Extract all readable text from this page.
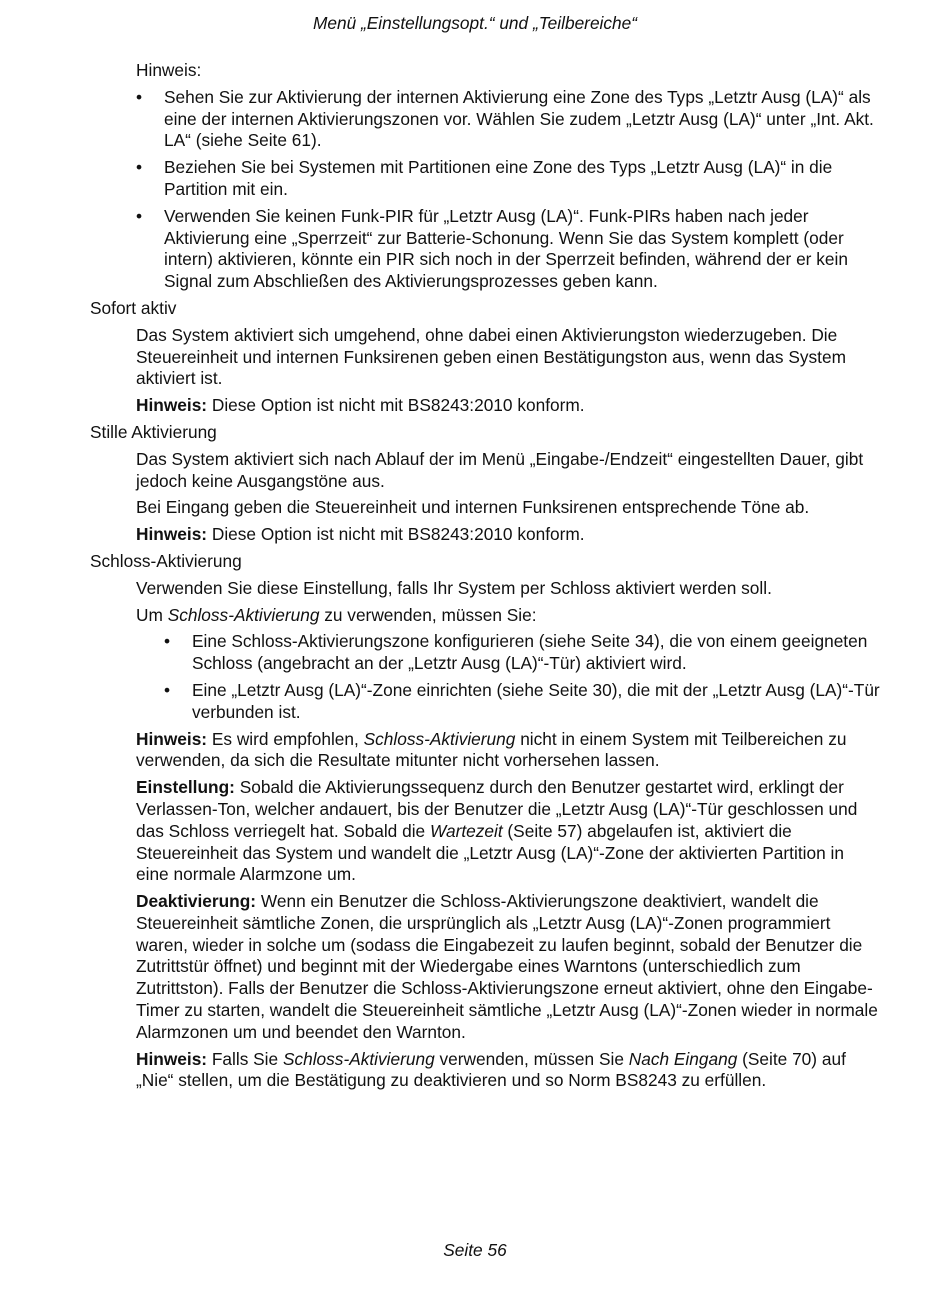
Menü „Einstellungsopt.“ und „Teilbereiche“

Hinweis:

• Sehen Sie zur Aktivierung der internen Aktivierung eine Zone des Typs „Letztr Ausg (LA)“ als eine der internen Aktivierungszonen vor. Wählen Sie zudem „Letztr Ausg (LA)“ unter „Int. Akt. LA“ (siehe Seite 61).
• Beziehen Sie bei Systemen mit Partitionen eine Zone des Typs „Letztr Ausg (LA)“ in die Partition mit ein.
• Verwenden Sie keinen Funk-PIR für „Letztr Ausg (LA)“. Funk-PIRs haben nach jeder Aktivierung eine „Sperrzeit“ zur Batterie-Schonung. Wenn Sie das System komplett (oder intern) aktivieren, könnte ein PIR sich noch in der Sperrzeit befinden, während der er kein Signal zum Abschließen des Aktivierungsprozesses geben kann.
Sofort aktiv

Das System aktiviert sich umgehend, ohne dabei einen Aktivierungston wiederzugeben. Die Steuereinheit und internen Funksirenen geben einen Bestätigungston aus, wenn das System aktiviert ist.

Hinweis: Diese Option ist nicht mit BS8243:2010 konform.

Stille Aktivierung

Das System aktiviert sich nach Ablauf der im Menü „Eingabe-/Endzeit“ eingestellten Dauer, gibt jedoch keine Ausgangstöne aus.

Bei Eingang geben die Steuereinheit und internen Funksirenen entsprechende Töne ab.

Hinweis: Diese Option ist nicht mit BS8243:2010 konform.

Schloss-Aktivierung

Verwenden Sie diese Einstellung, falls Ihr System per Schloss aktiviert werden soll.

Um Schloss-Aktivierung zu verwenden, müssen Sie:

• Eine Schloss-Aktivierungszone konfigurieren (siehe Seite 34), die von einem geeigneten Schloss (angebracht an der „Letztr Ausg (LA)“-Tür) aktiviert wird.
• Eine „Letztr Ausg (LA)“-Zone einrichten (siehe Seite 30), die mit der „Letztr Ausg (LA)“-Tür verbunden ist.

Hinweis: Es wird empfohlen, Schloss-Aktivierung nicht in einem System mit Teilbereichen zu verwenden, da sich die Resultate mitunter nicht vorhersehen lassen.

Einstellung: Sobald die Aktivierungssequenz durch den Benutzer gestartet wird, erklingt der Verlassen-Ton, welcher andauert, bis der Benutzer die „Letztr Ausg (LA)“-Tür geschlossen und das Schloss verriegelt hat. Sobald die Wartezeit (Seite 57) abgelaufen ist, aktiviert die Steuereinheit das System und wandelt die „Letztr Ausg (LA)“-Zone der aktivierten Partition in eine normale Alarmzone um.

Deaktivierung: Wenn ein Benutzer die Schloss-Aktivierungszone deaktiviert, wandelt die Steuereinheit sämtliche Zonen, die ursprünglich als „Letztr Ausg (LA)“-Zonen programmiert waren, wieder in solche um (sodass die Eingabezeit zu laufen beginnt, sobald der Benutzer die Zutrittstür öffnet) und beginnt mit der Wiedergabe eines Warntons (unterschiedlich zum Zutrittston). Falls der Benutzer die Schloss-Aktivierungszone erneut aktiviert, ohne den Eingabe-Timer zu starten, wandelt die Steuereinheit sämtliche „Letztr Ausg (LA)“-Zonen wieder in normale Alarmzonen um und beendet den Warnton.

Hinweis: Falls Sie Schloss-Aktivierung verwenden, müssen Sie Nach Eingang (Seite 70) auf „Nie“ stellen, um die Bestätigung zu deaktivieren und so Norm BS8243 zu erfüllen.

Seite 56
